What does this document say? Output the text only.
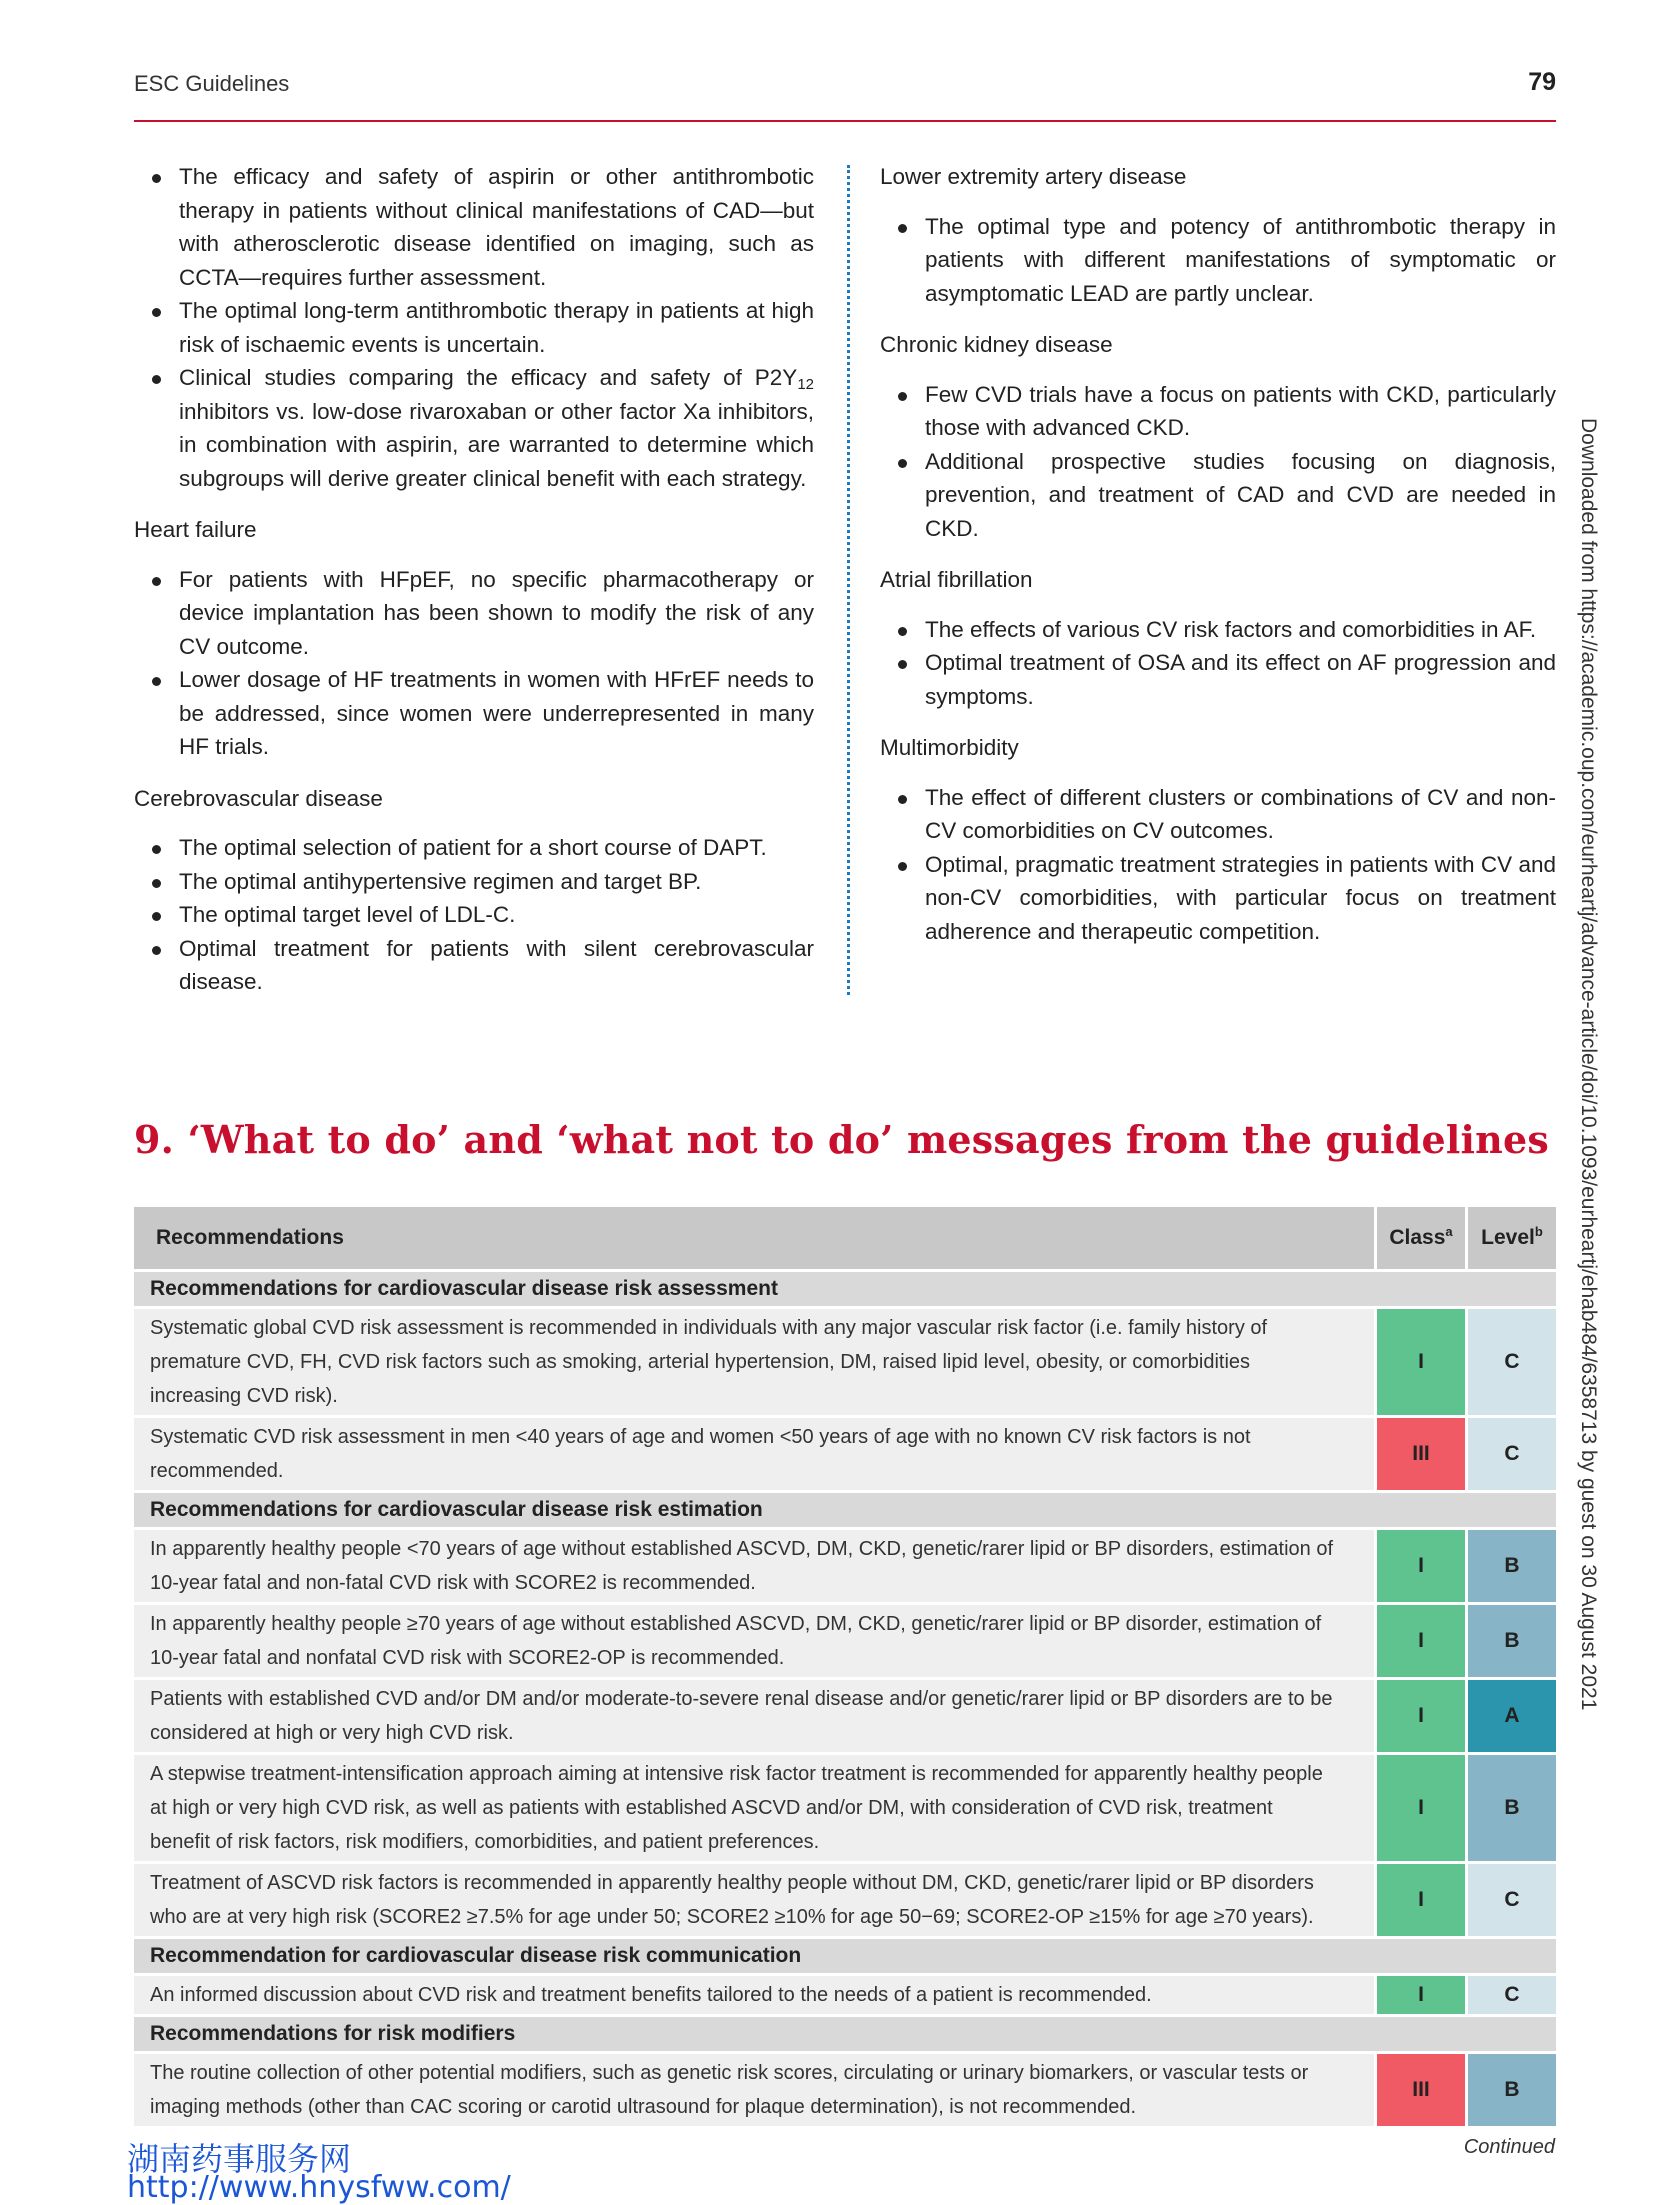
ESC Guidelines	79
The efficacy and safety of aspirin or other antithrombotic therapy in patients without clinical manifestations of CAD—but with atherosclerotic disease identified on imaging, such as CCTA—requires further assessment.
The optimal long-term antithrombotic therapy in patients at high risk of ischaemic events is uncertain.
Clinical studies comparing the efficacy and safety of $P2Y_{12}$ inhibitors vs. low-dose rivaroxaban or other factor Xa inhibitors, in combination with aspirin, are warranted to determine which subgroups will derive greater clinical benefit with each strategy.
Heart failure
For patients with HFpEF, no specific pharmacotherapy or device implantation has been shown to modify the risk of any CV outcome.
Lower dosage of HF treatments in women with HFrEF needs to be addressed, since women were underrepresented in many HF trials.
Cerebrovascular disease
The optimal selection of patient for a short course of DAPT.
The optimal antihypertensive regimen and target BP.
The optimal target level of LDL-C.
Optimal treatment for patients with silent cerebrovascular disease.
Lower extremity artery disease
The optimal type and potency of antithrombotic therapy in patients with different manifestations of symptomatic or asymptomatic LEAD are partly unclear.
Chronic kidney disease
Few CVD trials have a focus on patients with CKD, particularly those with advanced CKD.
Additional prospective studies focusing on diagnosis, prevention, and treatment of CAD and CVD are needed in CKD.
Atrial fibrillation
The effects of various CV risk factors and comorbidities in AF.
Optimal treatment of OSA and its effect on AF progression and symptoms.
Multimorbidity
The effect of different clusters or combinations of CV and non-CV comorbidities on CV outcomes.
Optimal, pragmatic treatment strategies in patients with CV and non-CV comorbidities, with particular focus on treatment adherence and therapeutic competition.
9. ‘What to do’ and ‘what not to do’ messages from the guidelines
Recommendations	Class$^a$	Level$^b$
Recommendations for cardiovascular disease risk assessment		
Systematic global CVD risk assessment is recommended in individuals with any major vascular risk factor (i.e. family history of premature CVD, FH, CVD risk factors such as smoking, arterial hypertension, DM, raised lipid level, obesity, or comorbidities increasing CVD risk).	I	C
Systematic CVD risk assessment in men <40 years of age and women <50 years of age with no known CV risk factors is not recommended.	III	C
Recommendations for cardiovascular disease risk estimation		
In apparently healthy people <70 years of age without established ASCVD, DM, CKD, genetic/rarer lipid or BP disorders, estimation of 10-year fatal and non-fatal CVD risk with SCORE2 is recommended.	I	B
In apparently healthy people ≥70 years of age without established ASCVD, DM, CKD, genetic/rarer lipid or BP disorder, estimation of 10-year fatal and nonfatal CVD risk with SCORE2-OP is recommended.	I	B
Patients with established CVD and/or DM and/or moderate-to-severe renal disease and/or genetic/rarer lipid or BP disorders are to be considered at high or very high CVD risk.	I	A
A stepwise treatment-intensification approach aiming at intensive risk factor treatment is recommended for apparently healthy people at high or very high CVD risk, as well as patients with established ASCVD and/or DM, with consideration of CVD risk, treatment benefit of risk factors, risk modifiers, comorbidities, and patient preferences.	I	B
Treatment of ASCVD risk factors is recommended in apparently healthy people without DM, CKD, genetic/rarer lipid or BP disorders who are at very high risk (SCORE2 ≥7.5% for age under 50; SCORE2 ≥10% for age 50−69; SCORE2-OP ≥15% for age ≥70 years).	I	C
Recommendation for cardiovascular disease risk communication		
An informed discussion about CVD risk and treatment benefits tailored to the needs of a patient is recommended.	I	C
Recommendations for risk modifiers		
The routine collection of other potential modifiers, such as genetic risk scores, circulating or urinary biomarkers, or vascular tests or imaging methods (other than CAC scoring or carotid ultrasound for plaque determination), is not recommended.	III	B
Continued
Downloaded from https://academic.oup.com/eurheartj/advance-article/doi/10.1093/eurheartj/ehab484/6358713 by guest on 30 August 2021
湖南药事服务网
http://www.hnysfww.com/
